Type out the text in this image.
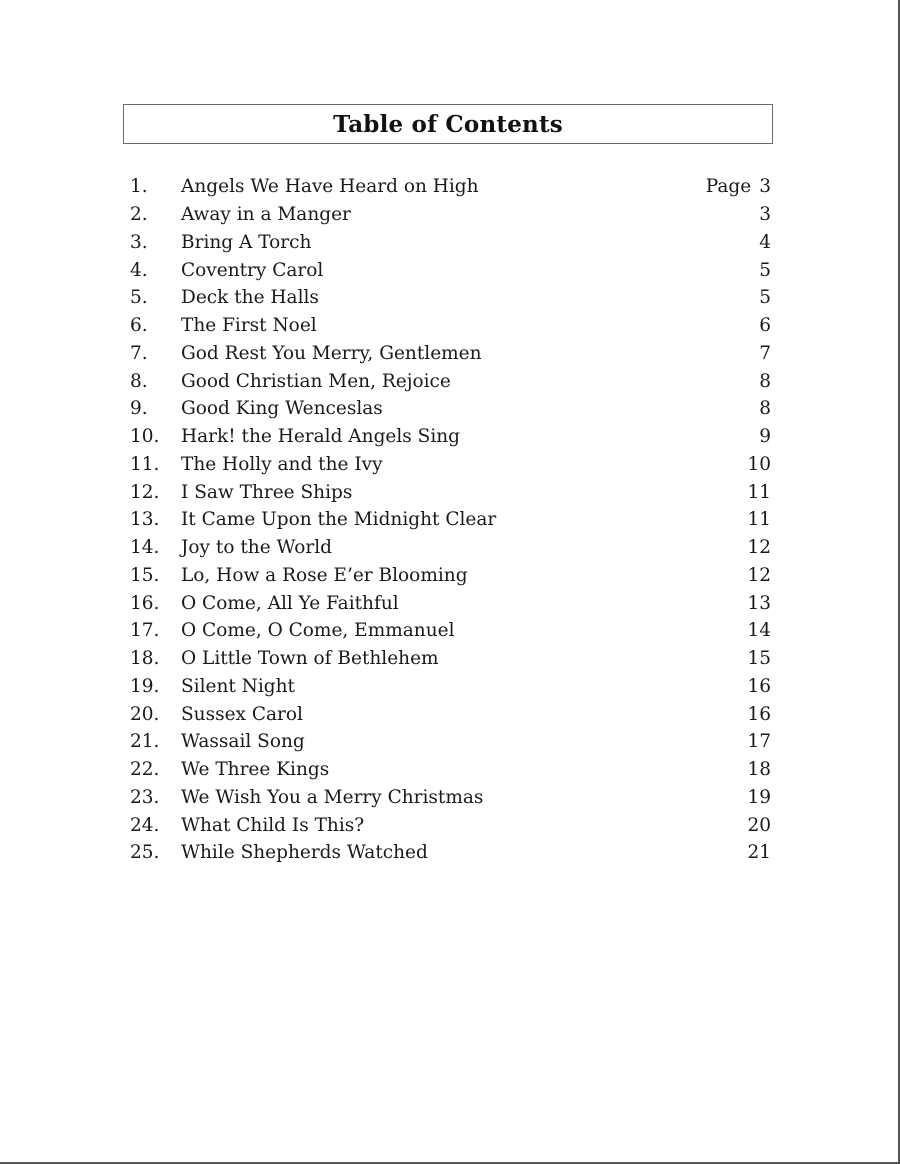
Table of Contents
1.	Angels We Have Heard on High	Page 3
2.	Away in a Manger	3
3.	Bring A Torch	4
4.	Coventry Carol	5
5.	Deck the Halls	5
6.	The First Noel	6
7.	God Rest You Merry, Gentlemen	7
8.	Good Christian Men, Rejoice	8
9.	Good King Wenceslas	8
10.	Hark! the Herald Angels Sing	9
11.	The Holly and the Ivy	10
12.	I Saw Three Ships	11
13.	It Came Upon the Midnight Clear	11
14.	Joy to the World	12
15.	Lo, How a Rose E’er Blooming	12
16.	O Come, All Ye Faithful	13
17.	O Come, O Come, Emmanuel	14
18.	O Little Town of Bethlehem	15
19.	Silent Night	16
20.	Sussex Carol	16
21.	Wassail Song	17
22.	We Three Kings	18
23.	We Wish You a Merry Christmas	19
24.	What Child Is This?	20
25.	While Shepherds Watched	21
